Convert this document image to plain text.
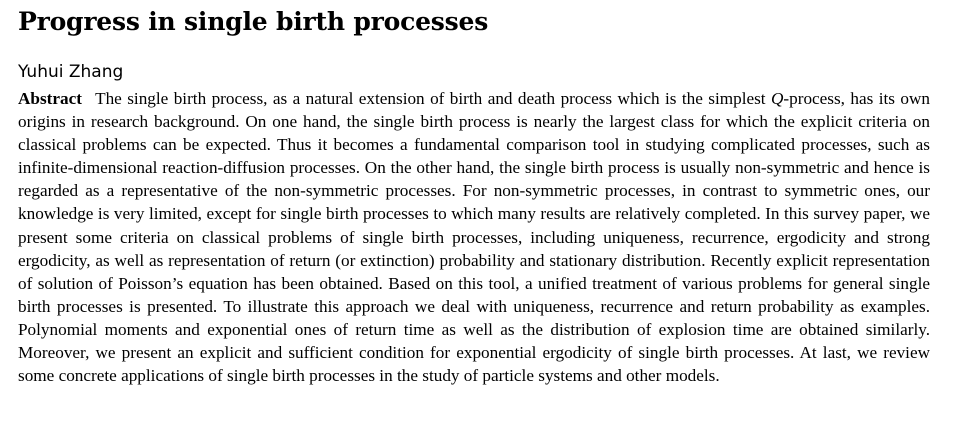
Progress in single birth processes
Yuhui Zhang

Abstract The single birth process, as a natural extension of birth and death process which is the simplest Q-process, has its own origins in research background. On one hand, the single birth process is nearly the largest class for which the explicit criteria on classical problems can be expected. Thus it becomes a fundamental comparison tool in studying complicated processes, such as infinite-dimensional reaction-diffusion processes. On the other hand, the single birth process is usually non-symmetric and hence is regarded as a representative of the non-symmetric processes. For non-symmetric processes, in contrast to symmetric ones, our knowledge is very limited, except for single birth processes to which many results are relatively completed. In this survey paper, we present some criteria on classical problems of single birth processes, including uniqueness, recurrence, ergodicity and strong ergodicity, as well as representation of return (or extinction) probability and stationary distribution. Recently explicit representation of solution of Poisson’s equation has been obtained. Based on this tool, a unified treatment of various problems for general single birth processes is presented. To illustrate this approach we deal with uniqueness, recurrence and return probability as examples. Polynomial moments and exponential ones of return time as well as the distribution of explosion time are obtained similarly. Moreover, we present an explicit and sufficient condition for exponential ergodicity of single birth processes. At last, we review some concrete applications of single birth processes in the study of particle systems and other models.
